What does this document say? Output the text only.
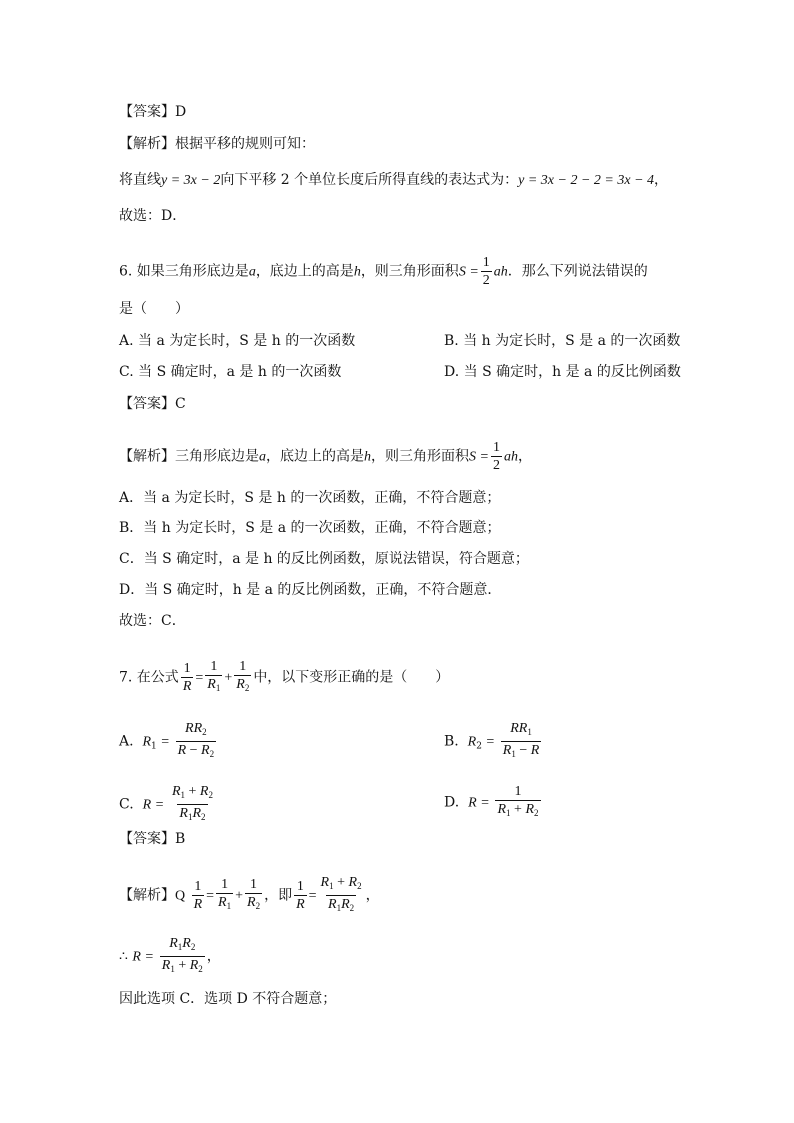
【答案】D
【解析】根据平移的规则可知：
将直线y = 3x − 2向下平移 2 个单位长度后所得直线的表达式为：y = 3x − 2 − 2 = 3x − 4，
故选：D．
6. 如果三角形底边是a，底边上的高是h，则三角形面积$S = \frac{1}{2}$ ah．那么下列说法错误的
是（　　）
A. 当 a 为定长时，S 是 h 的一次函数	B. 当 h 为定长时，S 是 a 的一次函数
C. 当 S 确定时，a 是 h 的一次函数	D. 当 S 确定时，h 是 a 的反比例函数
【答案】C
【解析】三角形底边是a，底边上的高是h，则三角形面积$S = \frac{1}{2}$ ah，
A．当 a 为定长时，S 是 h 的一次函数，正确，不符合题意；
B．当 h 为定长时，S 是 a 的一次函数，正确，不符合题意；
C．当 S 确定时，a 是 h 的反比例函数，原说法错误，符合题意；
D．当 S 确定时，h 是 a 的反比例函数，正确，不符合题意．
故选：C．
7. 在公式 $\frac{1}{R} = \frac{1}{R_1} + \frac{1}{R_2}$ 中，以下变形正确的是（　　）
A. $R_1 = \frac{RR_2}{R - R_2}$	B. $R_2 = \frac{RR_1}{R_1 - R}$
C. $R = \frac{R_1 + R_2}{R_1R_2}$	D. $R = \frac{1}{R_1 + R_2}$
【答案】B
【解析】Q $\frac{1}{R} = \frac{1}{R_1} + \frac{1}{R_2}$ ，即 $\frac{1}{R} = \frac{R_1 + R_2}{R_1R_2}$ ，
∴ $R = \frac{R_1R_2}{R_1 + R_2}$ ，
因此选项 C．选项 D 不符合题意；
